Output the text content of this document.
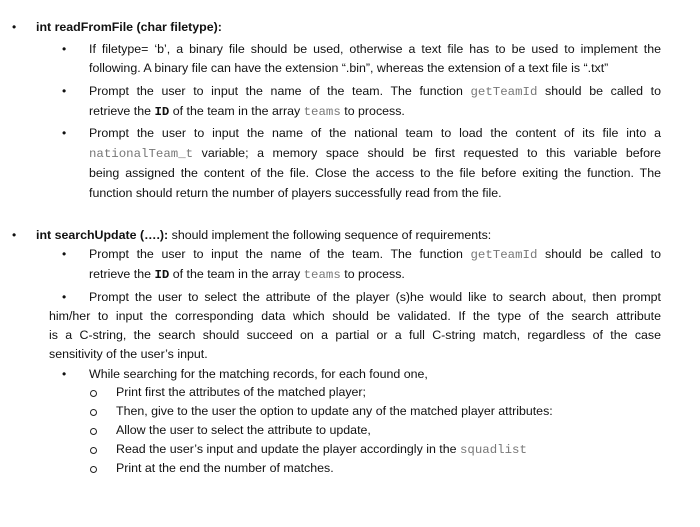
• int readFromFile (char filetype):
• If filetype= ‘b’, a binary file should be used, otherwise a text file has to be used to implement the
following. A binary file can have the extension “.bin”, whereas the extension of a text file is “.txt”
• Prompt the user to input the name of the team. The function getTeamId should be called to
retrieve the ID of the team in the array teams to process.
• Prompt the user to input the name of the national team to load the content of its file into a
nationalTeam_t variable; a memory space should be first requested to this variable before
being assigned the content of the file. Close the access to the file before exiting the function. The
function should return the number of players successfully read from the file.
• int searchUpdate (….): should implement the following sequence of requirements:
• Prompt the user to input the name of the team. The function getTeamId should be called to
retrieve the ID of the team in the array teams to process.
• Prompt the user to select the attribute of the player (s)he would like to search about, then prompt
him/her to input the corresponding data which should be validated. If the type of the search attribute
is a C-string, the search should succeed on a partial or a full C-string match, regardless of the case
sensitivity of the user’s input.
• While searching for the matching records, for each found one,
Print first the attributes of the matched player;
Then, give to the user the option to update any of the matched player attributes:
Allow the user to select the attribute to update,
Read the user’s input and update the player accordingly in the squadlist
Print at the end the number of matches.
